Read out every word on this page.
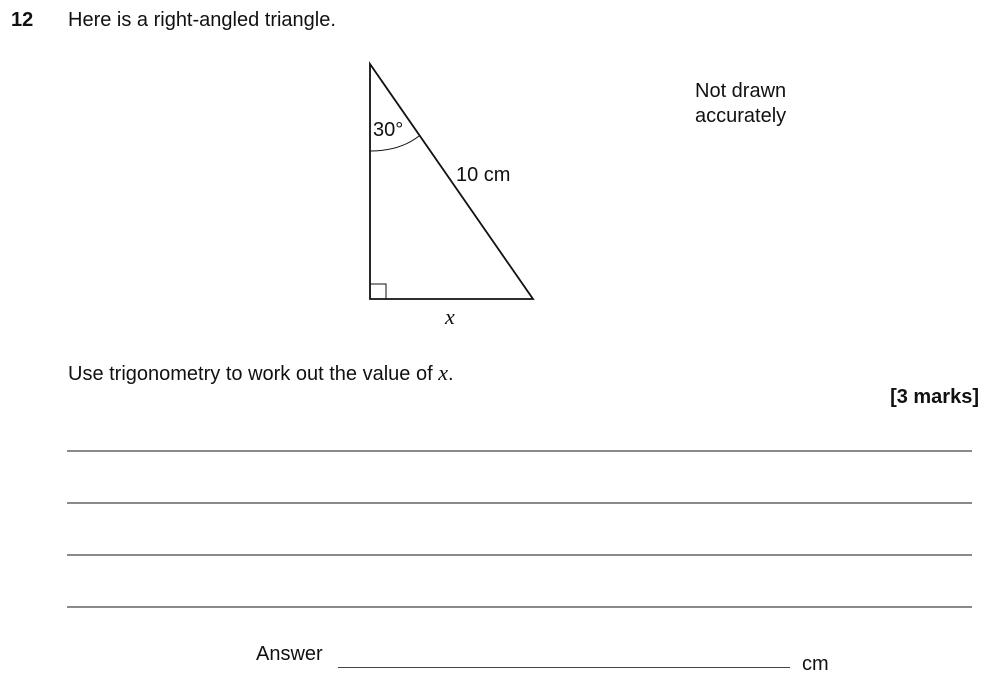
12 Here is a right-angled triangle.
30°
10 cm
x
Not drawn
accurately
Use trigonometry to work out the value of x.
[3 marks]
Answer	cm
